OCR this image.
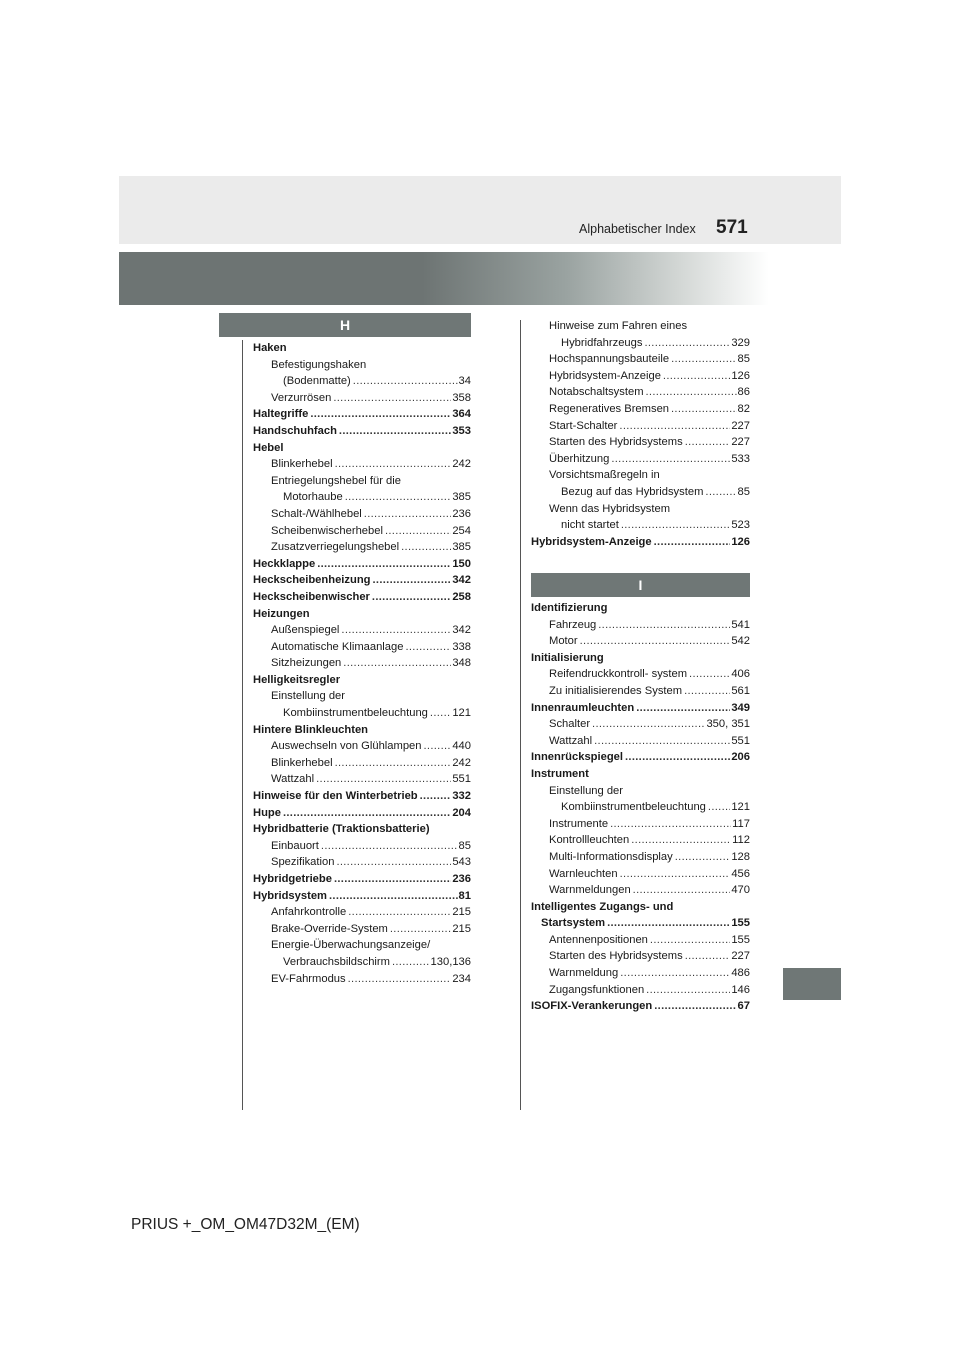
Alphabetischer Index 571
H
I
Haken
Befestigungshaken
(Bodenmatte) . . .	34
Verzurrösen . . .	358
Haltegriffe . . .	364
Handschuhfach . . .	353
Hebel
Blinkerhebel . . .	242
Entriegelungshebel für die
Motorhaube . . .	385
Schalt-/Wählhebel . . .	236
Scheibenwischerhebel . . .	254
Zusatzverriegelungshebel . . .	385
Heckklappe . . .	150
Heckscheibenheizung . . .	342
Heckscheibenwischer . . .	258
Heizungen
Außenspiegel . . .	342
Automatische Klimaanlage . . .	338
Sitzheizungen . . .	348
Helligkeitsregler
Einstellung der
Kombiinstrumentbeleuchtung . . . 121
Hintere Blinkleuchten
Auswechseln von Glühlampen . . .	440
Blinkerhebel . . .	242
Wattzahl . . .	551
Hinweise für den Winterbetrieb . . .	332
Hupe . . .	204
Hybridbatterie (Traktionsbatterie)
Einbauort . . .	85
Spezifikation . . .	543
Hybridgetriebe . . .	236
Hybridsystem . . .	81
Anfahrkontrolle . . .	215
Brake-Override-System . . .	215
Energie-Überwachungsanzeige/
Verbrauchsbildschirm . . .	130,136
EV-Fahrmodus . . .	234
Hinweise zum Fahren eines
Hybridfahrzeugs . . .	329
Hochspannungsbauteile . . .	85
Hybridsystem-Anzeige . . .	126
Notabschaltsystem . . .	86
Regeneratives Bremsen . . .	82
Start-Schalter . . .	227
Starten des Hybridsystems . . .	227
Überhitzung . . .	533
Vorsichtsmaßregeln in
Bezug auf das Hybridsystem . . .	85
Wenn das Hybridsystem
nicht startet . . .	523
Hybridsystem-Anzeige . . .	126
Identifizierung
Fahrzeug . . .	541
Motor . . .	542
Initialisierung
Reifendruckkontroll- system . . .	406
Zu initialisierendes System . . .	561
Innenraumleuchten . . .	349
Schalter . . .	350, 351
Wattzahl . . .	551
Innenrückspiegel . . .	206
Instrument
Einstellung der
Kombiinstrumentbeleuchtung . . . 121
Instrumente . . .	117
Kontrollleuchten . . .	112
Multi-Informationsdisplay . . .	128
Warnleuchten . . .	456
Warnmeldungen . . .	470
Intelligentes Zugangs- und
Startsystem . . .	155
Antennenpositionen . . .	155
Starten des Hybridsystems . . .	227
Warnmeldung . . .	486
Zugangsfunktionen . . .	146
ISOFIX-Verankerungen . . .	67
PRIUS +_OM_OM47D32M_(EM)
